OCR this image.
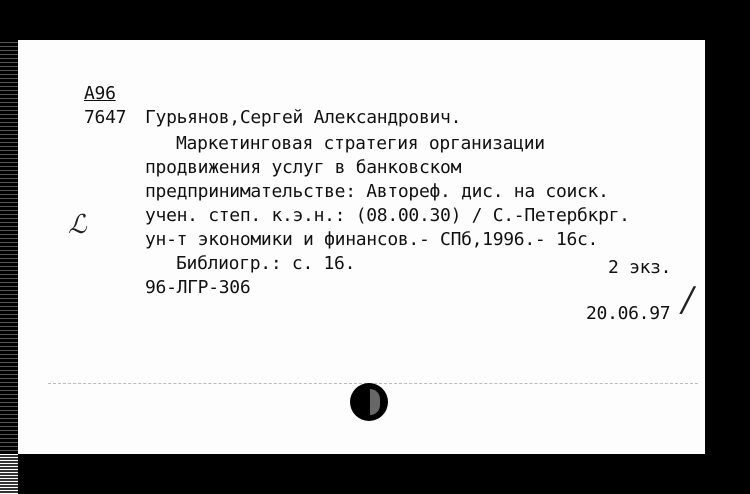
А96
7647 Гурьянов,Сергей Александрович.
Маркетинговая стратегия организации
продвижения услуг в банковском
предпринимательстве: Автореф. дис. на соиск.
учен. степ. к.э.н.: (08.00.30) / С.-Петербкрг.
ун-т экономики и финансов.- СПб,1996.- 16с.
Библиогр.: с. 16.	2 экз.
96-ЛГР-306
20.06.97
ℒ
/
